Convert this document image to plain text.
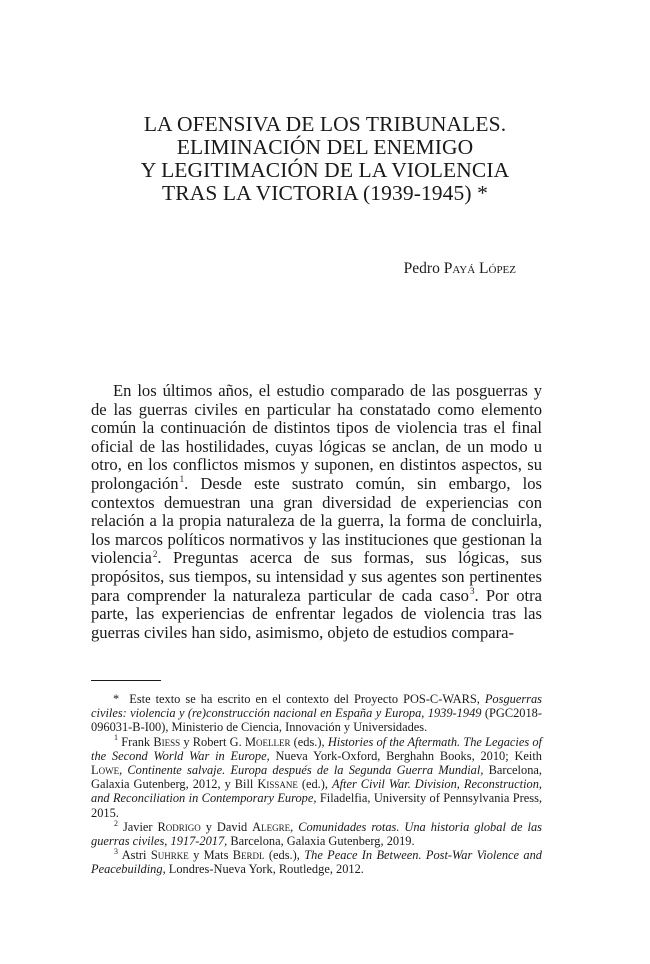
LA OFENSIVA DE LOS TRIBUNALES.
ELIMINACIÓN DEL ENEMIGO
Y LEGITIMACIÓN DE LA VIOLENCIA
TRAS LA VICTORIA (1939-1945) *
Pedro Payá López

En los últimos años, el estudio comparado de las posguerras y de las guerras civiles en particular ha constatado como elemento común la continuación de distintos tipos de violencia tras el final oficial de las hostilidades, cuyas lógicas se anclan, de un modo u otro, en los conflictos mismos y suponen, en distintos aspectos, su prolongación$^1$. Desde este sustrato común, sin embargo, los contextos demuestran una gran diversidad de experiencias con relación a la propia naturaleza de la guerra, la forma de concluirla, los marcos políticos normativos y las instituciones que gestionan la violencia$^2$. Preguntas acerca de sus formas, sus lógicas, sus propósitos, sus tiempos, su intensidad y sus agentes son pertinentes para comprender la naturaleza particular de cada caso$^3$. Por otra parte, las experiencias de enfrentar legados de violencia tras las guerras civiles han sido, asimismo, objeto de estudios compara-

* Este texto se ha escrito en el contexto del Proyecto POS-C-WARS, Posguerras civiles: violencia y (re)construcción nacional en España y Europa, 1939-1949 (PGC2018-096031-B-I00), Ministerio de Ciencia, Innovación y Universidades.

$^1$ Frank Biess y Robert G. Moeller (eds.), Histories of the Aftermath. The Legacies of the Second World War in Europe, Nueva York-Oxford, Berghahn Books, 2010; Keith Lowe, Continente salvaje. Europa después de la Segunda Guerra Mundial, Barcelona, Galaxia Gutenberg, 2012, y Bill Kissane (ed.), After Civil War. Division, Reconstruction, and Reconciliation in Contemporary Europe, Filadelfia, University of Pennsylvania Press, 2015.

$^2$ Javier Rodrigo y David Alegre, Comunidades rotas. Una historia global de las guerras civiles, 1917-2017, Barcelona, Galaxia Gutenberg, 2019.

$^3$ Astri Suhrke y Mats Berdl (eds.), The Peace In Between. Post-War Violence and Peacebuilding, Londres-Nueva York, Routledge, 2012.
